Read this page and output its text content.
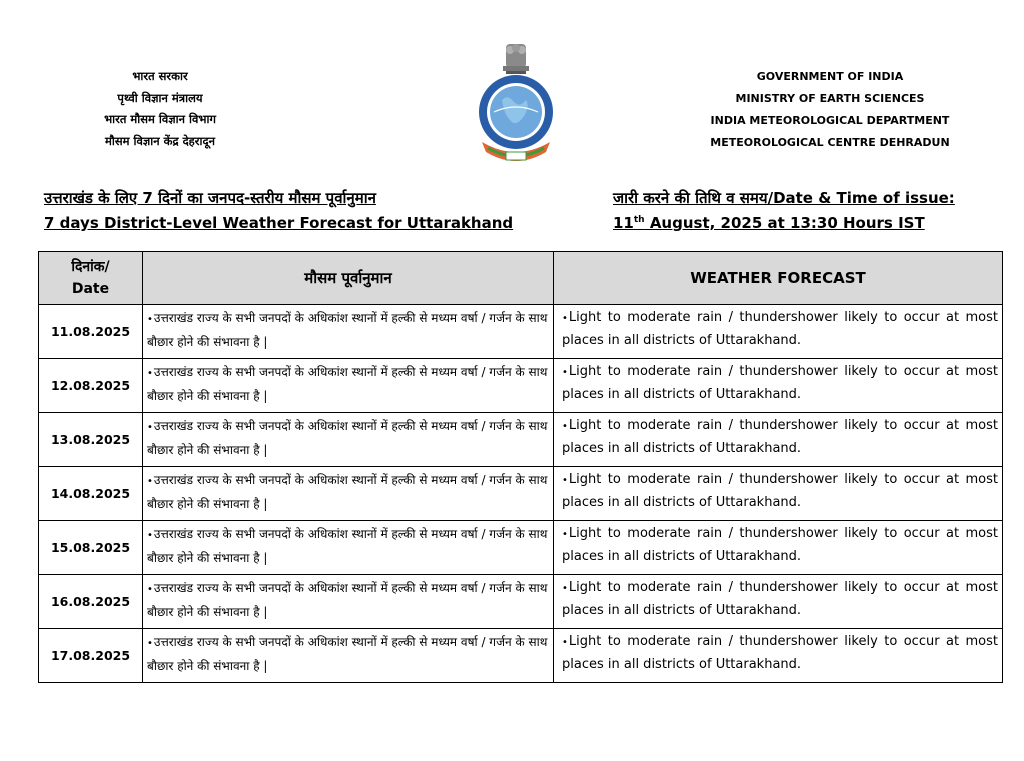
भारत सरकार
पृथ्वी विज्ञान मंत्रालय
भारत मौसम विज्ञान विभाग
मौसम विज्ञान केंद्र देहरादून
GOVERNMENT OF INDIA
MINISTRY OF EARTH SCIENCES
INDIA METEOROLOGICAL DEPARTMENT
METEOROLOGICAL CENTRE DEHRADUN
उत्तराखंड के लिए 7 दिनों का जनपद-स्तरीय मौसम पूर्वानुमान
7 days District-Level Weather Forecast for Uttarakhand
जारी करने की तिथि व समय/Date & Time of issue:
11th August, 2025 at 13:30 Hours IST
दिनांक/
Date	मौसम पूर्वानुमान	WEATHER FORECAST
11.08.2025	•उत्तराखंड राज्य के सभी जनपदों के अधिकांश स्थानों में हल्की से मध्यम वर्षा / गर्जन के साथ बौछार होने की संभावना है |	•Light to moderate rain / thundershower likely to occur at most places in all districts of Uttarakhand.
12.08.2025	•उत्तराखंड राज्य के सभी जनपदों के अधिकांश स्थानों में हल्की से मध्यम वर्षा / गर्जन के साथ बौछार होने की संभावना है |	•Light to moderate rain / thundershower likely to occur at most places in all districts of Uttarakhand.
13.08.2025	•उत्तराखंड राज्य के सभी जनपदों के अधिकांश स्थानों में हल्की से मध्यम वर्षा / गर्जन के साथ बौछार होने की संभावना है |	•Light to moderate rain / thundershower likely to occur at most places in all districts of Uttarakhand.
14.08.2025	•उत्तराखंड राज्य के सभी जनपदों के अधिकांश स्थानों में हल्की से मध्यम वर्षा / गर्जन के साथ बौछार होने की संभावना है |	•Light to moderate rain / thundershower likely to occur at most places in all districts of Uttarakhand.
15.08.2025	•उत्तराखंड राज्य के सभी जनपदों के अधिकांश स्थानों में हल्की से मध्यम वर्षा / गर्जन के साथ बौछार होने की संभावना है |	•Light to moderate rain / thundershower likely to occur at most places in all districts of Uttarakhand.
16.08.2025	•उत्तराखंड राज्य के सभी जनपदों के अधिकांश स्थानों में हल्की से मध्यम वर्षा / गर्जन के साथ बौछार होने की संभावना है |	•Light to moderate rain / thundershower likely to occur at most places in all districts of Uttarakhand.
17.08.2025	•उत्तराखंड राज्य के सभी जनपदों के अधिकांश स्थानों में हल्की से मध्यम वर्षा / गर्जन के साथ बौछार होने की संभावना है |	•Light to moderate rain / thundershower likely to occur at most places in all districts of Uttarakhand.
